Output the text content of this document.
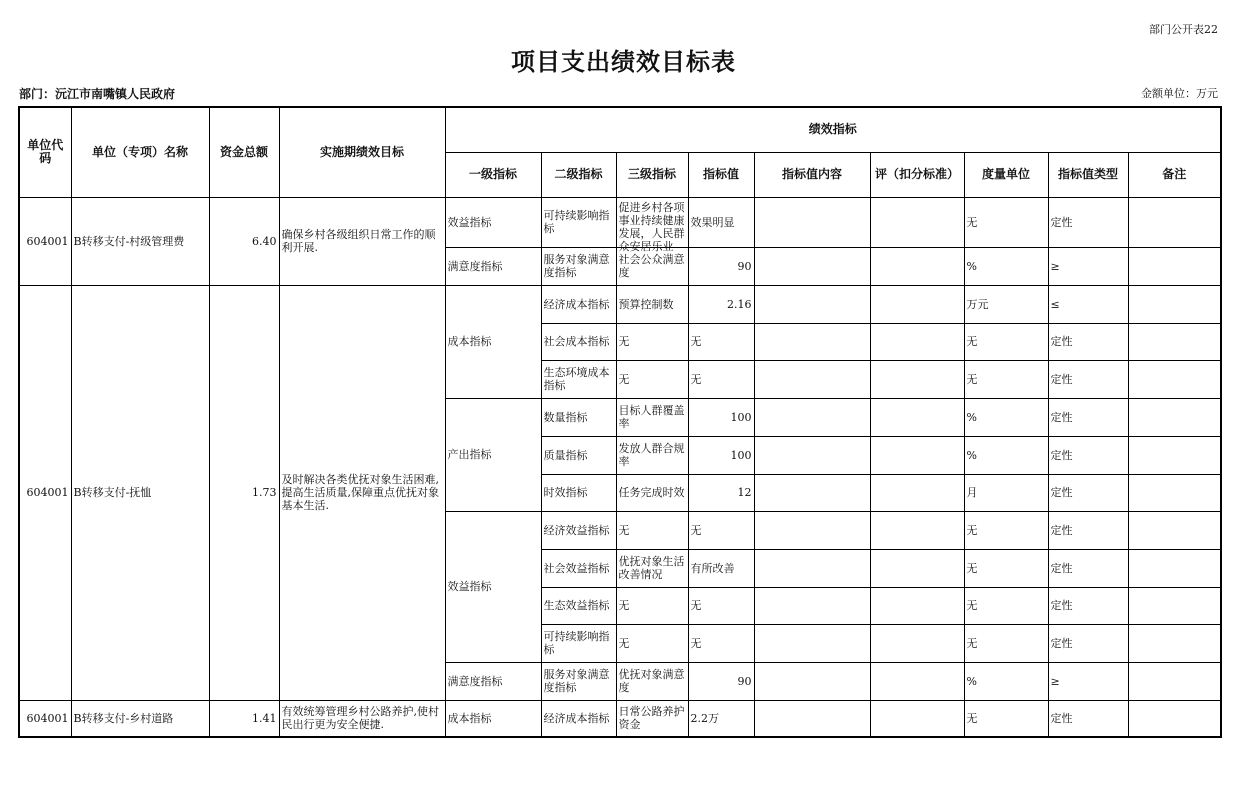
部门公开表22
项目支出绩效目标表
部门：沅江市南嘴镇人民政府	金额单位：万元
单位代码	单位（专项）名称	资金总额	实施期绩效目标	绩效指标								
				一级指标	二级指标	三级指标	指标值	指标值内容	评（扣分标准）	度量单位	指标值类型	备注
604001	B转移支付-村级管理费	6.40	确保乡村各级组织日常工作的顺利开展.	效益指标	可持续影响指标	促进乡村各项事业持续健康发展，人民群众安居乐业	效果明显			无	定性	
				满意度指标	服务对象满意度指标	社会公众满意度	90			%	≥	
604001	B转移支付-抚恤	1.73	及时解决各类优抚对象生活困难,提高生活质量,保障重点优抚对象基本生活.	成本指标	经济成本指标	预算控制数	2.16			万元	≤	
					社会成本指标	无	无			无	定性	
					生态环境成本指标	无	无			无	定性	
				产出指标	数量指标	目标人群覆盖率	100			%	定性	
					质量指标	发放人群合规率	100			%	定性	
					时效指标	任务完成时效	12			月	定性	
				效益指标	经济效益指标	无	无			无	定性	
					社会效益指标	优抚对象生活改善情况	有所改善			无	定性	
					生态效益指标	无	无			无	定性	
					可持续影响指标	无	无			无	定性	
				满意度指标	服务对象满意度指标	优抚对象满意度	90			%	≥	
604001	B转移支付-乡村道路	1.41	有效统筹管理乡村公路养护,使村民出行更为安全便捷.	成本指标	经济成本指标	日常公路养护资金	2.2万			无	定性	
